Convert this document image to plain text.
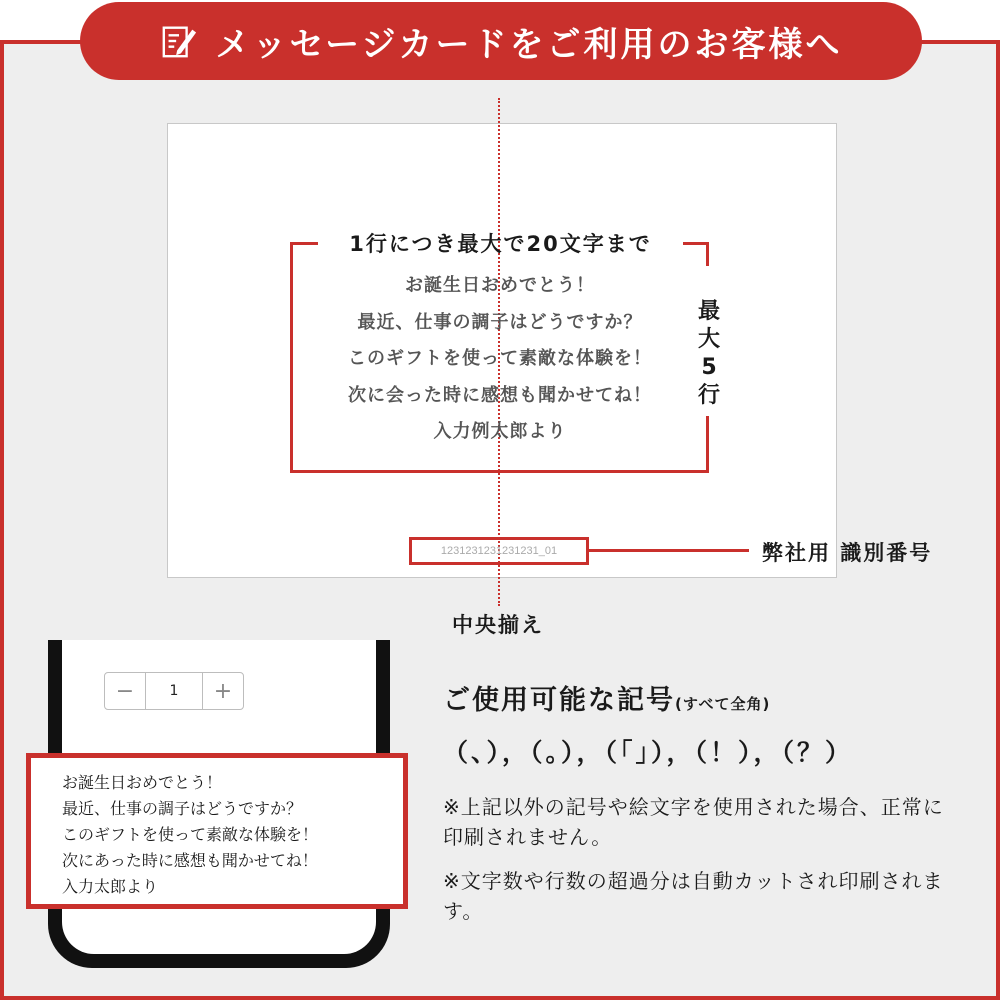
メッセージカードをご利用のお客様へ
1行につき最大で20文字まで
最
大
5
行
お誕生日おめでとう！
最近、仕事の調子はどうですか？
このギフトを使って素敵な体験を！
次に会った時に感想も聞かせてね！
入力例太郎より
1231231231231231_01	弊社用 識別番号
中央揃え
−	1	+
お誕生日おめでとう！
最近、仕事の調子はどうですか？
このギフトを使って素敵な体験を！
次にあった時に感想も聞かせてね！
入力太郎より
ご使用可能な記号(すべて全角)
（、），（。），（「」），（！），（？）
※上記以外の記号や絵文字を使用された場合、正常に印刷されません。
※文字数や行数の超過分は自動カットされ印刷されます。
